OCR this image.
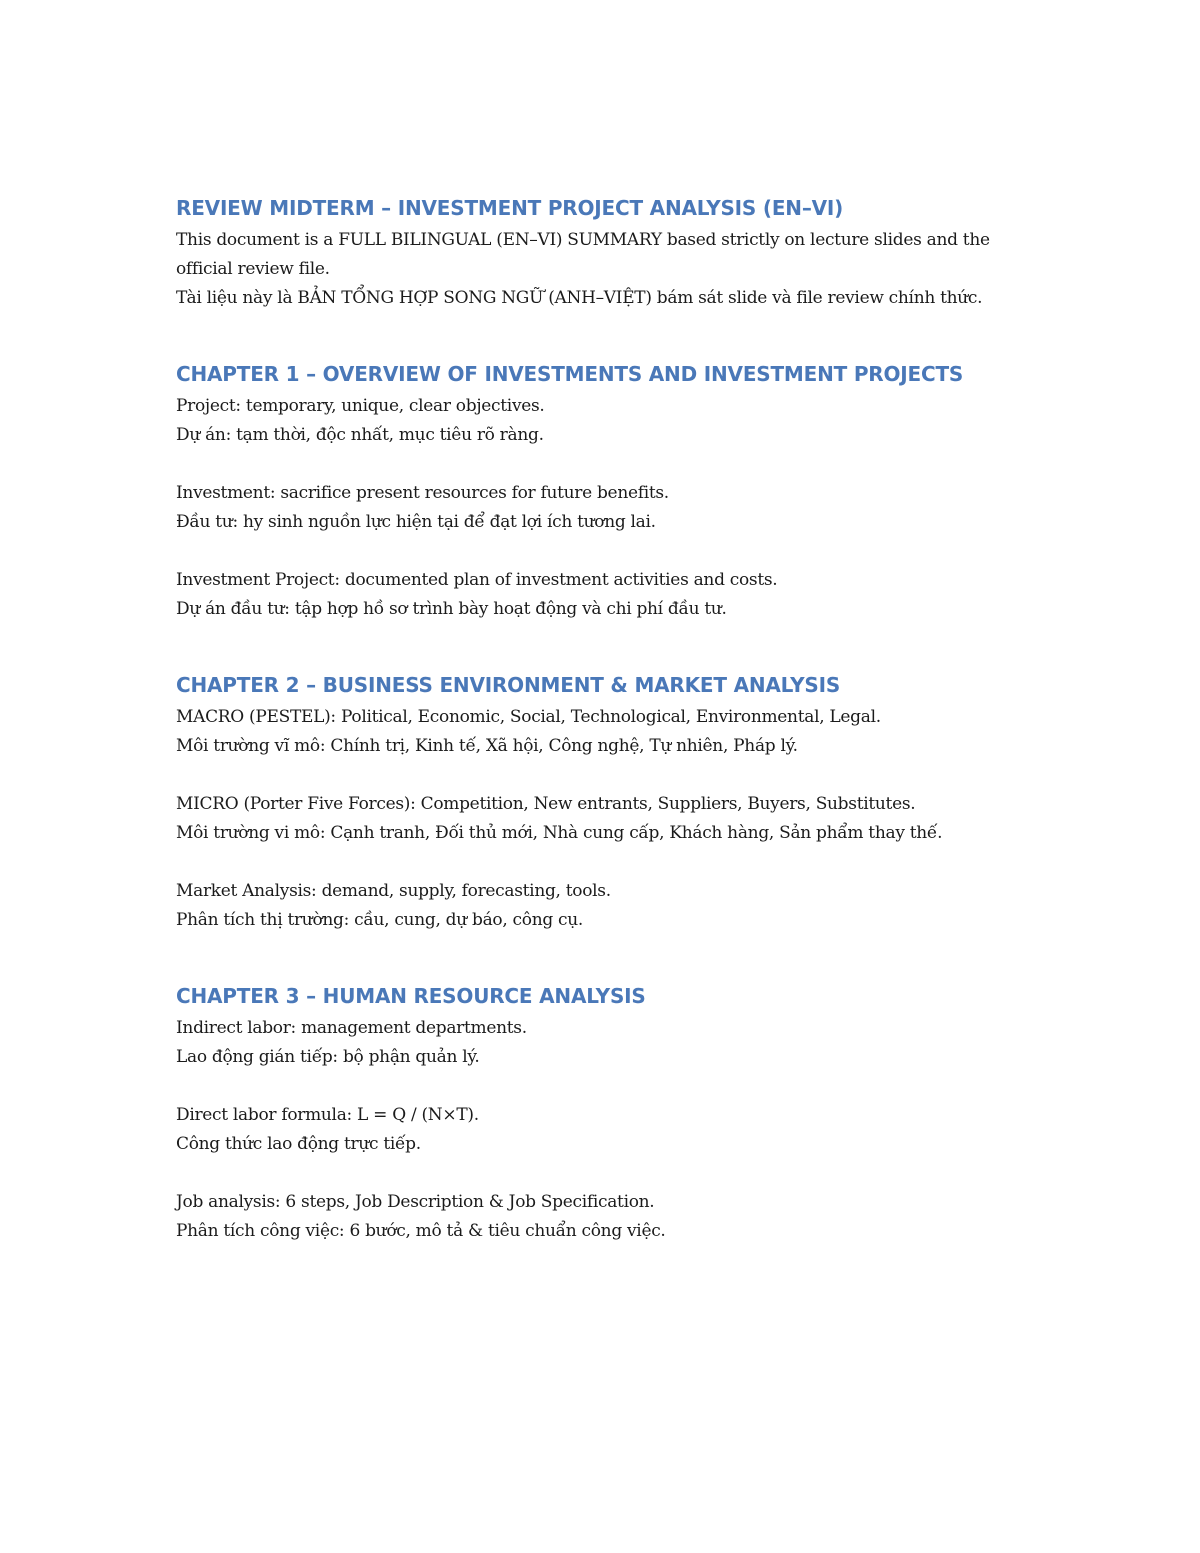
REVIEW MIDTERM – INVESTMENT PROJECT ANALYSIS (EN–VI)

This document is a FULL BILINGUAL (EN–VI) SUMMARY based strictly on lecture slides and the official review file.

Tài liệu này là BẢN TỔNG HỢP SONG NGỮ (ANH–VIỆT) bám sát slide và file review chính thức.

CHAPTER 1 – OVERVIEW OF INVESTMENTS AND INVESTMENT PROJECTS

Project: temporary, unique, clear objectives.

Dự án: tạm thời, độc nhất, mục tiêu rõ ràng.

Investment: sacrifice present resources for future benefits.

Đầu tư: hy sinh nguồn lực hiện tại để đạt lợi ích tương lai.

Investment Project: documented plan of investment activities and costs.

Dự án đầu tư: tập hợp hồ sơ trình bày hoạt động và chi phí đầu tư.

CHAPTER 2 – BUSINESS ENVIRONMENT & MARKET ANALYSIS

MACRO (PESTEL): Political, Economic, Social, Technological, Environmental, Legal.

Môi trường vĩ mô: Chính trị, Kinh tế, Xã hội, Công nghệ, Tự nhiên, Pháp lý.

MICRO (Porter Five Forces): Competition, New entrants, Suppliers, Buyers, Substitutes.

Môi trường vi mô: Cạnh tranh, Đối thủ mới, Nhà cung cấp, Khách hàng, Sản phẩm thay thế.

Market Analysis: demand, supply, forecasting, tools.

Phân tích thị trường: cầu, cung, dự báo, công cụ.

CHAPTER 3 – HUMAN RESOURCE ANALYSIS

Indirect labor: management departments.

Lao động gián tiếp: bộ phận quản lý.

Direct labor formula: L = Q / (N×T).

Công thức lao động trực tiếp.

Job analysis: 6 steps, Job Description & Job Specification.

Phân tích công việc: 6 bước, mô tả & tiêu chuẩn công việc.
